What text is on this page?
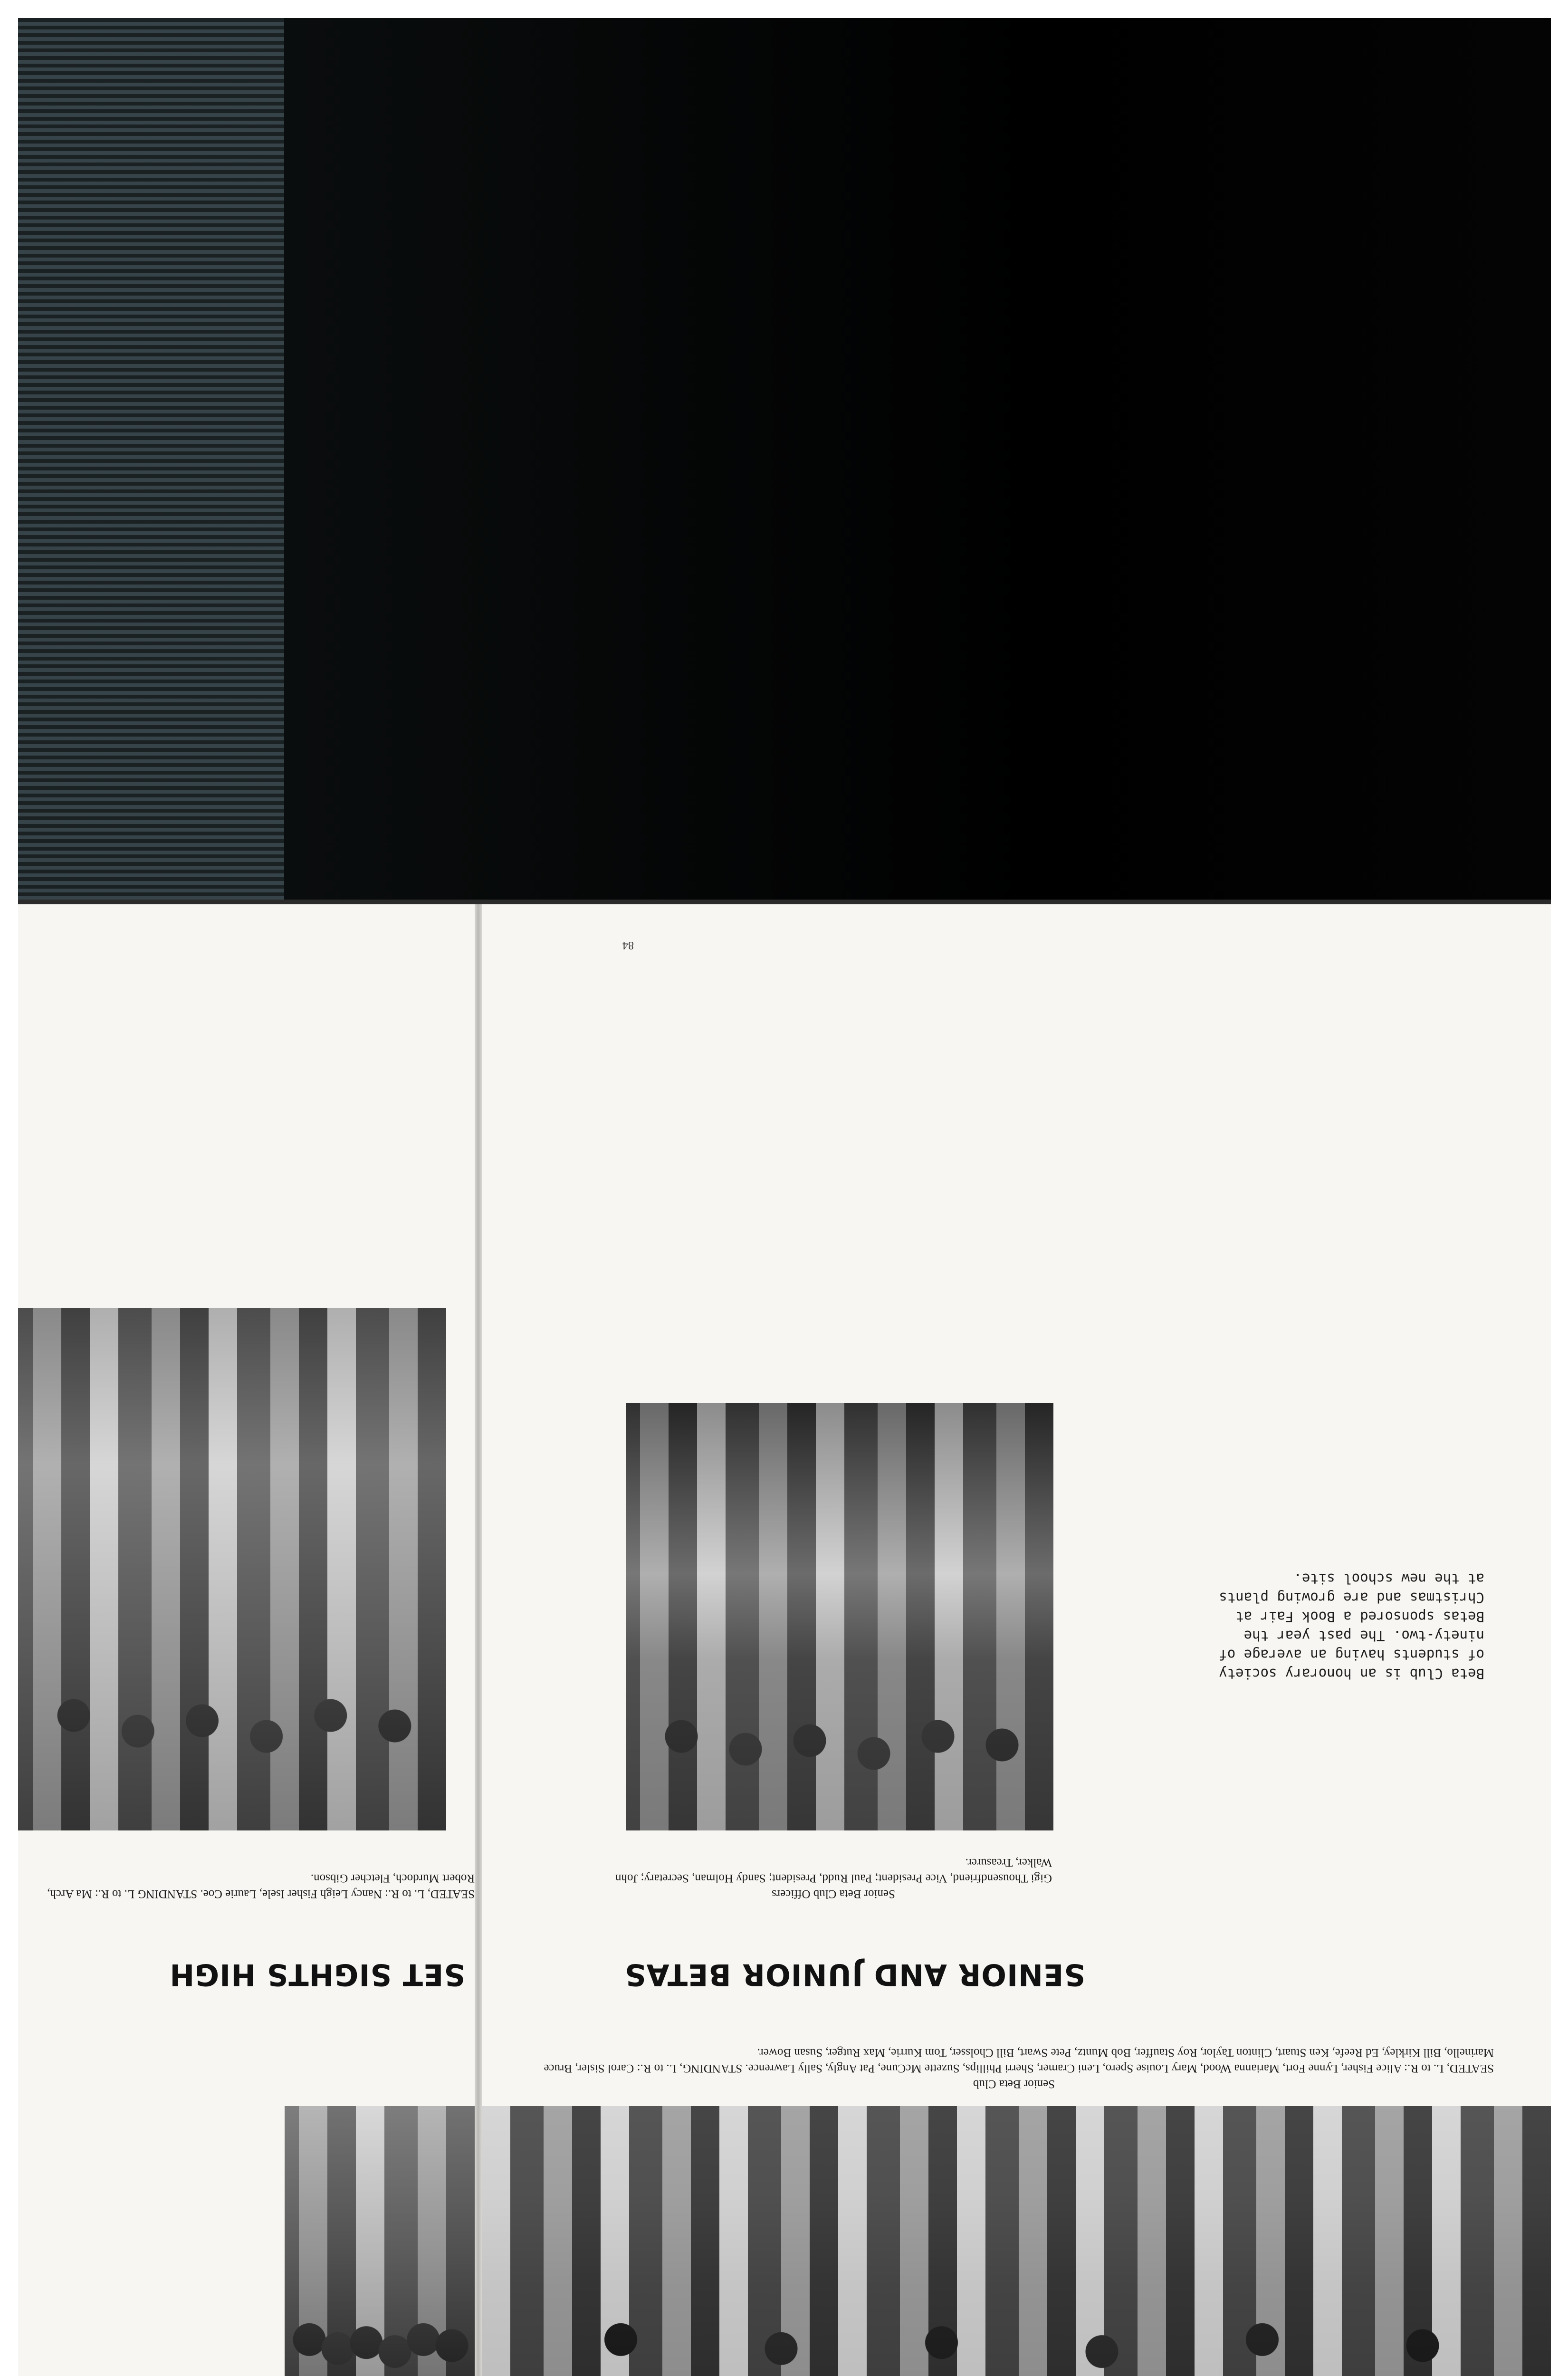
Senior Beta Club
SEATED, L. to R.: Alice Fisher, Lynne Fort, Marianna Wood, Mary Louise Spero, Leni Cramer, Sherri Phillips, Suzette McCune, Pat Angly, Sally Lawrence. STANDING, L. to R.: Carol Sisler, Bruce Marinello, Bill Kirkley, Ed Reefe, Ken Stuart, Clinton Taylor, Roy Stauffer, Bob Muntz, Pete Swart, Bill Cholsser, Tom Kurrie, Max Rutger, Susan Bower.
SENIOR AND JUNIOR BETAS
Senior Beta Club Officers
Gigi Thousendfriend, Vice President; Paul Rudd, President; Sandy Holman, Secretary; John Walker, Treasurer.
Beta Club is an honorary society of students having an average of ninety-two. The past year the Betas sponsored a Book Fair at Christmas and are growing plants at the new school site.
84
SET SIGHTS HIGH
SEATED, L. to R.: Nancy Leigh Fisher Isele, Laurie Coe. STANDING L. to R.: Ma Arch, Robert Murdoch, Fletcher Gibson.
